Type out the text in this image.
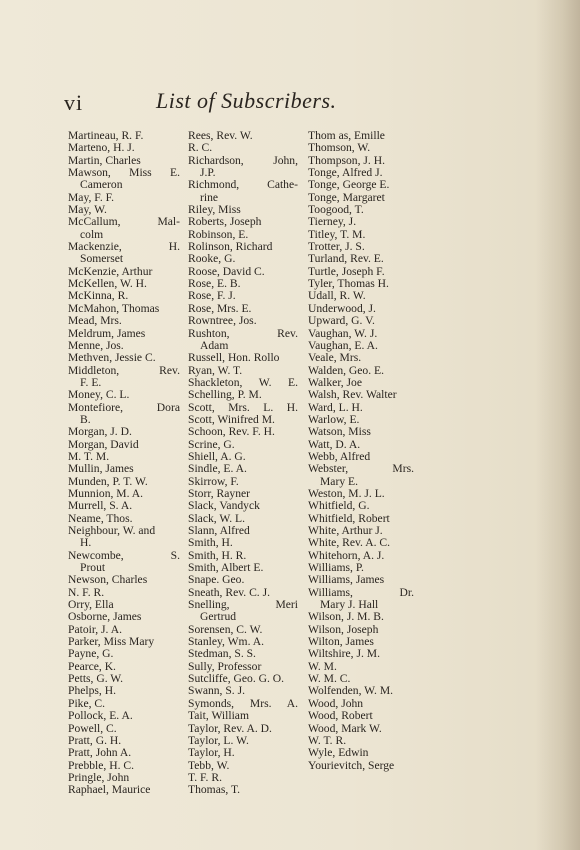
vi	List of Subscribers.
Martineau, R. F.
Marteno, H. J.
Martin, Charles
Mawson, Miss E.
Cameron
May, F. F.
May, W.
McCallum, Mal-
colm
Mackenzie, H.
Somerset
McKenzie, Arthur
McKellen, W. H.
McKinna, R.
McMahon, Thomas
Mead, Mrs.
Meldrum, James
Menne, Jos.
Methven, Jessie C.
Middleton, Rev.
F. E.
Money, C. L.
Montefiore, Dora
B.
Morgan, J. D.
Morgan, David
M. T. M.
Mullin, James
Munden, P. T. W.
Munnion, M. A.
Murrell, S. A.
Neame, Thos.
Neighbour, W. and
H.
Newcombe, S.
Prout
Newson, Charles
N. F. R.
Orry, Ella
Osborne, James
Patoir, J. A.
Parker, Miss Mary
Payne, G.
Pearce, K.
Petts, G. W.
Phelps, H.
Pike, C.
Pollock, E. A.
Powell, C.
Pratt, G. H.
Pratt, John A.
Prebble, H. C.
Pringle, John
Raphael, Maurice
Rees, Rev. W.
R. C.
Richardson, John,
J.P.
Richmond, Cathe-
rine
Riley, Miss
Roberts, Joseph
Robinson, E.
Rolinson, Richard
Rooke, G.
Roose, David C.
Rose, E. B.
Rose, F. J.
Rose, Mrs. E.
Rowntree, Jos.
Rushton, Rev.
Adam
Russell, Hon. Rollo
Ryan, W. T.
Shackleton, W. E.
Schelling, P. M.
Scott, Mrs. L. H.
Scott, Winifred M.
Schoon, Rev. F. H.
Scrine, G.
Shiell, A. G.
Sindle, E. A.
Skirrow, F.
Storr, Rayner
Slack, Vandyck
Slack, W. L.
Slann, Alfred
Smith, H.
Smith, H. R.
Smith, Albert E.
Snape. Geo.
Sneath, Rev. C. J.
Snelling, Meri
Gertrud
Sorensen, C. W.
Stanley, Wm. A.
Stedman, S. S.
Sully, Professor
Sutcliffe, Geo. G. O.
Swann, S. J.
Symonds, Mrs. A.
Tait, William
Taylor, Rev. A. D.
Taylor, L. W.
Taylor, H.
Tebb, W.
T. F. R.
Thomas, T.
Thom as, Emille
Thomson, W.
Thompson, J. H.
Tonge, Alfred J.
Tonge, George E.
Tonge, Margaret
Toogood, T.
Tierney, J.
Titley, T. M.
Trotter, J. S.
Turland, Rev. E.
Turtle, Joseph F.
Tyler, Thomas H.
Udall, R. W.
Underwood, J.
Upward, G. V.
Vaughan, W. J.
Vaughan, E. A.
Veale, Mrs.
Walden, Geo. E.
Walker, Joe
Walsh, Rev. Walter
Ward, L. H.
Warlow, E.
Watson, Miss
Watt, D. A.
Webb, Alfred
Webster, Mrs.
Mary E.
Weston, M. J. L.
Whitfield, G.
Whitfield, Robert
White, Arthur J.
White, Rev. A. C.
Whitehorn, A. J.
Williams, P.
Williams, James
Williams, Dr.
Mary J. Hall
Wilson, J. M. B.
Wilson, Joseph
Wilton, James
Wiltshire, J. M.
W. M.
W. M. C.
Wolfenden, W. M.
Wood, John
Wood, Robert
Wood, Mark W.
W. T. R.
Wyle, Edwin
Yourievitch, Serge
